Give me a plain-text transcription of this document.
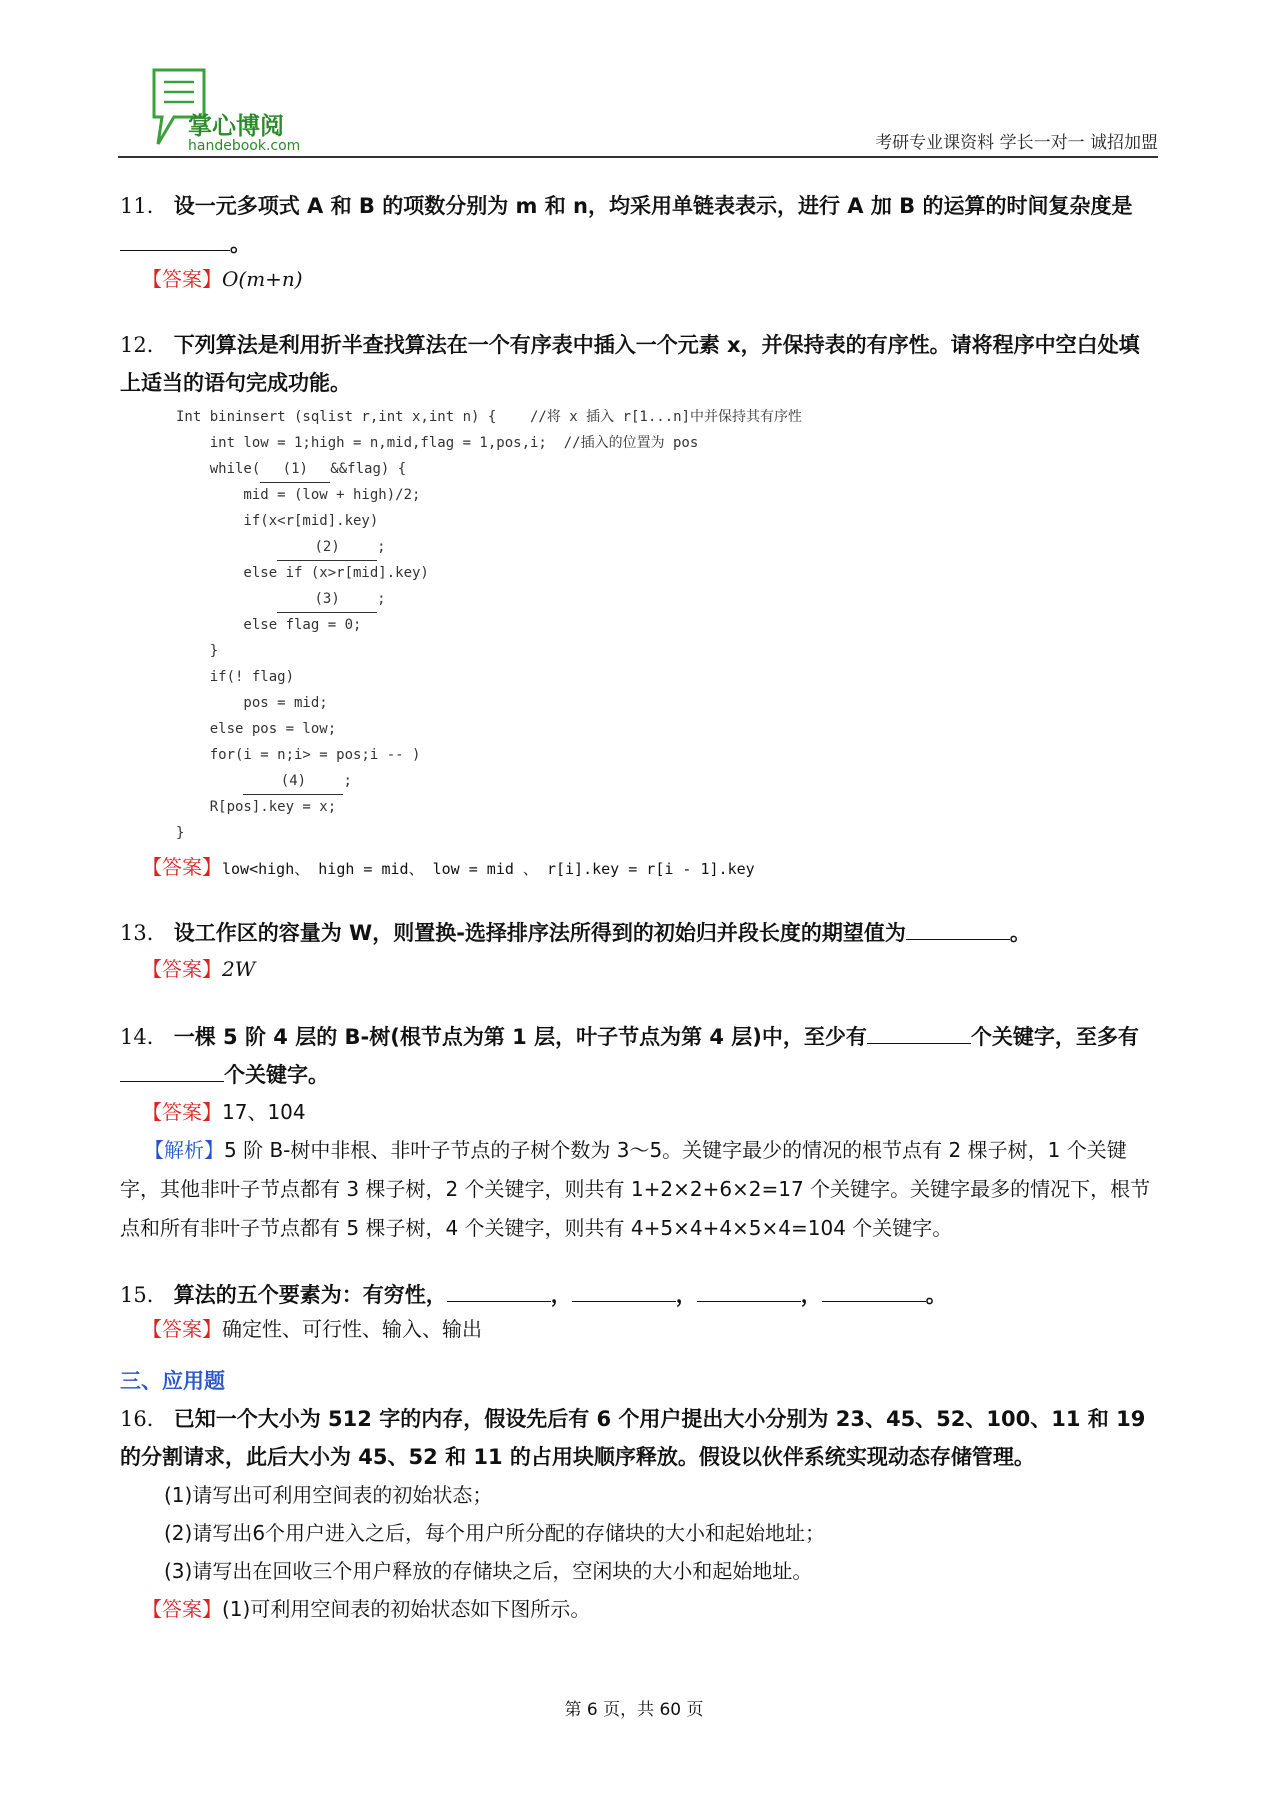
掌心博阅
handebook.com	考研专业课资料 学长一对一 诚招加盟
11． 设一元多项式 A 和 B 的项数分别为 m 和 n，均采用单链表表示，进行 A 加 B 的运算的时间复杂度是
。
【答案】O(m+n)
12． 下列算法是利用折半查找算法在一个有序表中插入一个元素 x，并保持表的有序性。请将程序中空白处填上适当的语句完成功能。
Int bininsert (sqlist r,int x,int n) {    //将 x 插入 r[1...n]中并保持其有序性
int low = 1;high = n,mid,flag = 1,pos,i;  //插入的位置为 pos
while( (1) &&flag) {
mid = (low + high)/2;
if(x<r[mid].key)
(2)	;
else if (x>r[mid].key)
(3)	;
else flag = 0;
}
if(! flag)
pos = mid;
else pos = low;
for(i = n;i> = pos;i -- )
(4)	;
R[pos].key = x;
}
【答案】low<high、 high = mid、 low = mid 、 r[i].key = r[i - 1].key
13． 设工作区的容量为 W，则置换-选择排序法所得到的初始归并段长度的期望值为	。
【答案】2W
14． 一棵 5 阶 4 层的 B-树(根节点为第 1 层，叶子节点为第 4 层)中，至少有	个关键字，至多有
个关键字。
【答案】17、104
【解析】5 阶 B-树中非根、非叶子节点的子树个数为 3～5。关键字最少的情况的根节点有 2 棵子树，1 个关键字，其他非叶子节点都有 3 棵子树，2 个关键字，则共有 1+2×2+6×2=17 个关键字。关键字最多的情况下，根节点和所有非叶子节点都有 5 棵子树，4 个关键字，则共有 4+5×4+4×5×4=104 个关键字。
15． 算法的五个要素为：有穷性，	，	，	，	。
【答案】确定性、可行性、输入、输出
三、应用题
16． 已知一个大小为 512 字的内存，假设先后有 6 个用户提出大小分别为 23、45、52、100、11 和 19 的分割请求，此后大小为 45、52 和 11 的占用块顺序释放。假设以伙伴系统实现动态存储管理。
(1)请写出可利用空间表的初始状态；
(2)请写出6个用户进入之后，每个用户所分配的存储块的大小和起始地址；
(3)请写出在回收三个用户释放的存储块之后，空闲块的大小和起始地址。
【答案】(1)可利用空间表的初始状态如下图所示。
第 6 页，共 60 页
